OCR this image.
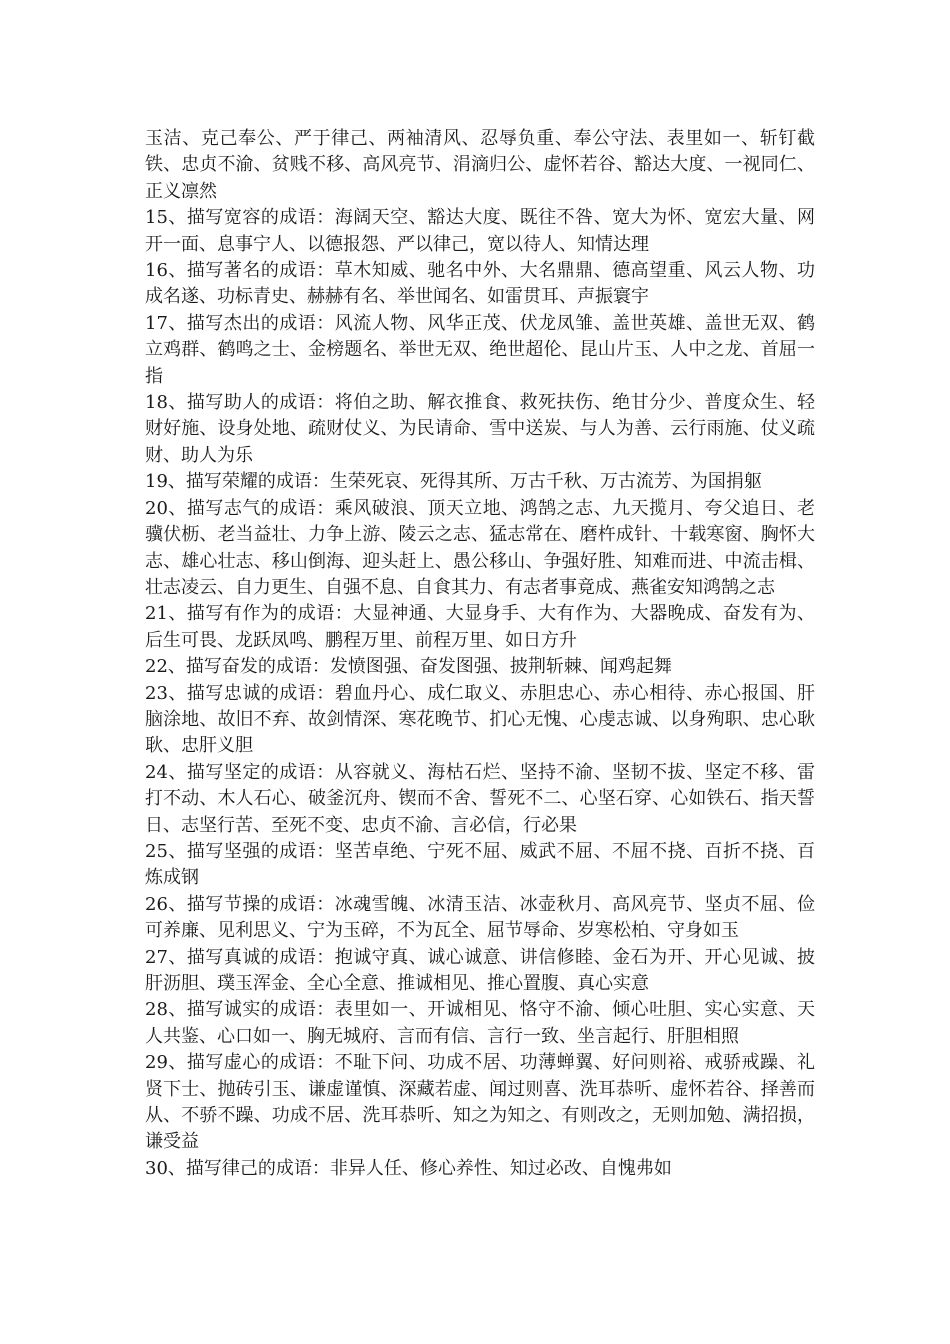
玉洁、克己奉公、严于律己、两袖清风、忍辱负重、奉公守法、表里如一、斩钉截铁、忠贞不渝、贫贱不移、高风亮节、涓滴归公、虚怀若谷、豁达大度、一视同仁、正义凛然

15、描写宽容的成语：海阔天空、豁达大度、既往不咎、宽大为怀、宽宏大量、网开一面、息事宁人、以德报怨、严以律己，宽以待人、知情达理

16、描写著名的成语：草木知威、驰名中外、大名鼎鼎、德高望重、风云人物、功成名遂、功标青史、赫赫有名、举世闻名、如雷贯耳、声振寰宇

17、描写杰出的成语：风流人物、风华正茂、伏龙凤雏、盖世英雄、盖世无双、鹤立鸡群、鹤鸣之士、金榜题名、举世无双、绝世超伦、昆山片玉、人中之龙、首屈一指

18、描写助人的成语：将伯之助、解衣推食、救死扶伤、绝甘分少、普度众生、轻财好施、设身处地、疏财仗义、为民请命、雪中送炭、与人为善、云行雨施、仗义疏财、助人为乐

19、描写荣耀的成语：生荣死哀、死得其所、万古千秋、万古流芳、为国捐躯

20、描写志气的成语：乘风破浪、顶天立地、鸿鹄之志、九天揽月、夸父追日、老骥伏枥、老当益壮、力争上游、陵云之志、猛志常在、磨杵成针、十载寒窗、胸怀大志、雄心壮志、移山倒海、迎头赶上、愚公移山、争强好胜、知难而进、中流击楫、壮志凌云、自力更生、自强不息、自食其力、有志者事竟成、燕雀安知鸿鹄之志

21、描写有作为的成语：大显神通、大显身手、大有作为、大器晚成、奋发有为、后生可畏、龙跃凤鸣、鹏程万里、前程万里、如日方升

22、描写奋发的成语：发愤图强、奋发图强、披荆斩棘、闻鸡起舞

23、描写忠诚的成语：碧血丹心、成仁取义、赤胆忠心、赤心相待、赤心报国、肝脑涂地、故旧不弃、故剑情深、寒花晚节、扪心无愧、心虔志诚、以身殉职、忠心耿耿、忠肝义胆

24、描写坚定的成语：从容就义、海枯石烂、坚持不渝、坚韧不拔、坚定不移、雷打不动、木人石心、破釜沉舟、锲而不舍、誓死不二、心坚石穿、心如铁石、指天誓日、志坚行苦、至死不变、忠贞不渝、言必信，行必果

25、描写坚强的成语：坚苦卓绝、宁死不屈、威武不屈、不屈不挠、百折不挠、百炼成钢

26、描写节操的成语：冰魂雪魄、冰清玉洁、冰壶秋月、高风亮节、坚贞不屈、俭可养廉、见利思义、宁为玉碎，不为瓦全、屈节辱命、岁寒松柏、守身如玉

27、描写真诚的成语：抱诚守真、诚心诚意、讲信修睦、金石为开、开心见诚、披肝沥胆、璞玉浑金、全心全意、推诚相见、推心置腹、真心实意

28、描写诚实的成语：表里如一、开诚相见、恪守不渝、倾心吐胆、实心实意、天人共鉴、心口如一、胸无城府、言而有信、言行一致、坐言起行、肝胆相照

29、描写虚心的成语：不耻下问、功成不居、功薄蝉翼、好问则裕、戒骄戒躁、礼贤下士、抛砖引玉、谦虚谨慎、深藏若虚、闻过则喜、洗耳恭听、虚怀若谷、择善而从、不骄不躁、功成不居、洗耳恭听、知之为知之、有则改之，无则加勉、满招损，谦受益

30、描写律己的成语：非异人任、修心养性、知过必改、自愧弗如
